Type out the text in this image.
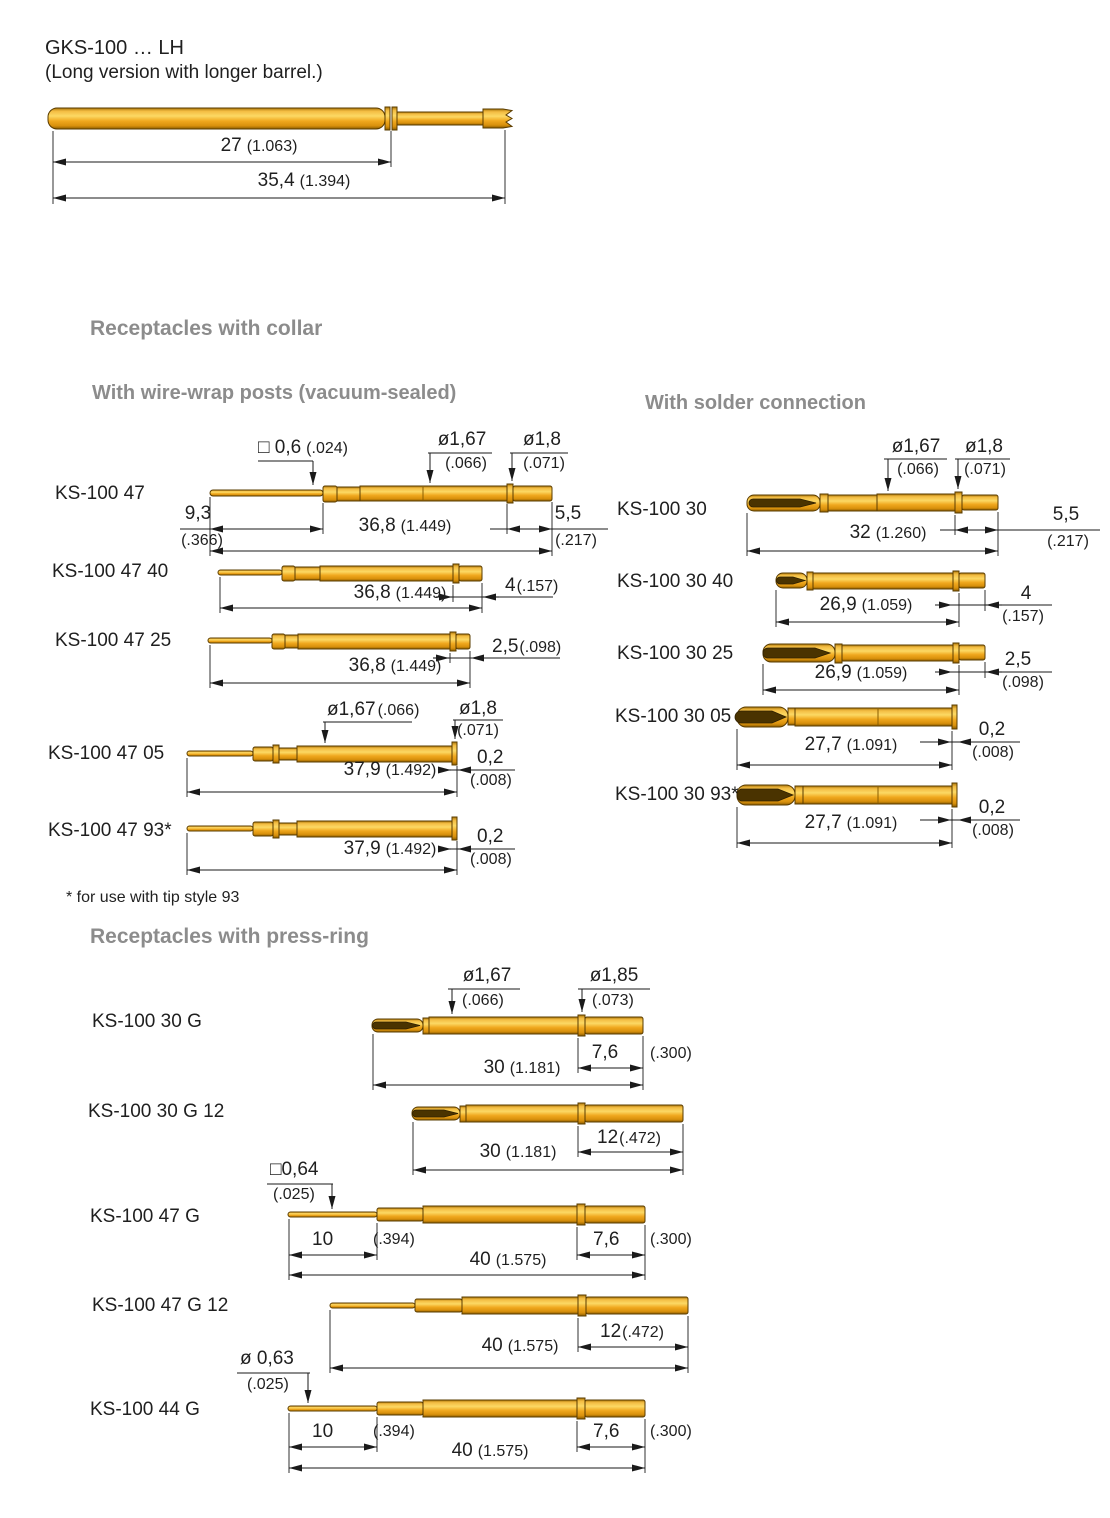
GKS-100 … LH
(Long version with longer barrel.)
27 (1.063)
35,4 (1.394)
Receptacles with collar
With wire-wrap posts (vacuum-sealed)	With solder connection
* for use with tip style 93
Receptacles with press-ring
KS-100 47
□ 0,6 (.024)	ø1,67
(.066)
ø1,8
(.071)
9,3
(.366)
36,8 (1.449)
5,5
(.217)
KS-100 47 40
36,8 (1.449)	4(.157)
KS-100 47 25
36,8 (1.449)
2,5(.098)
KS-100 47 05
ø1,67 (.066) ø1,8
(.071)
37,9 (1.492)
0,2
(.008)
KS-100 47 93*
37,9 (1.492)
0,2
(.008)
KS-100 30
ø1,67
(.066)
ø1,8
(.071)
32 (1.260)
5,5
(.217)
KS-100 30 40
26,9 (1.059)
4
(.157)
KS-100 30 25
26,9 (1.059)
2,5
(.098)
KS-100 30 05
27,7 (1.091)
0,2
(.008)
KS-100 30 93*
27,7 (1.091)
0,2
(.008)
KS-100 30 G
ø1,67
(.066)
ø1,85
(.073)
30 (1.181)
7,6 (.300)
KS-100 30 G 12
30 (1.181)
12(.472)
KS-100 47 G
□0,64
(.025)
10 (.394)
40 (1.575)
7,6 (.300)
KS-100 47 G 12
40 (1.575)
12(.472)
KS-100 44 G
ø 0,63
(.025)
10 (.394)
40 (1.575)
7,6 (.300)
